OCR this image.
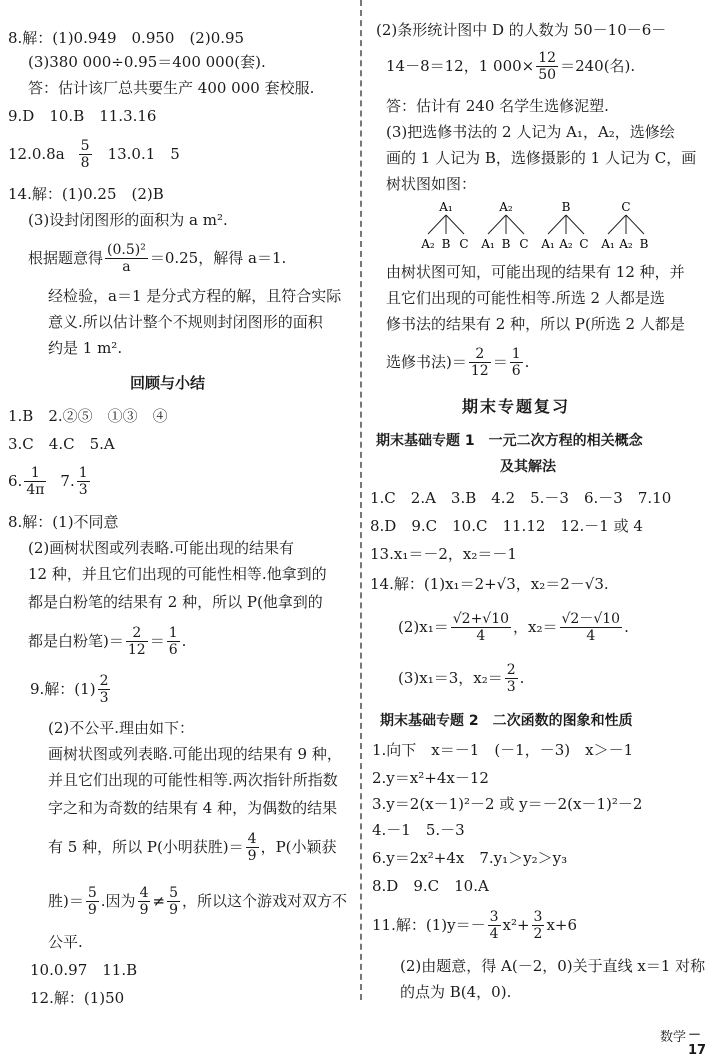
8.解：(1)0.949　0.950　(2)0.95
(3)380 000÷0.95＝400 000(套).
答：估计该厂总共要生产 400 000 套校服.
9.D　10.B　11.3.16
$12.0.8a \frac{5}{8} 13.0.1$　5
14.解：(1)0.25　(2)B
(3)设封闭图形的面积为 a m².
根据题意得 $\frac{\text{(0.5)²}}{a} =0.25$，解得 a＝1.
经检验，a＝1 是分式方程的解，且符合实际
意义.所以估计整个不规则封闭图形的面积
约是 1 m².
回顾与小结
1.B　2.②⑤　①③　④
3.C　4.C　5.A
6. $\frac{1}{4\pi} 7$. $\frac{1}{3}$
8.解：(1)不同意
(2)画树状图或列表略.可能出现的结果有
12 种，并且它们出现的可能性相等.他拿到的
都是白粉笔的结果有 2 种，所以 P(他拿到的
都是白粉笔)＝ $\frac{2}{12} = \frac{1}{6}$ .
9.解：$(1) \frac{2}{3}$
(2)不公平.理由如下：
画树状图或列表略.可能出现的结果有 9 种，
并且它们出现的可能性相等.两次指针所指数
字之和为奇数的结果有 4 种，为偶数的结果
有 5 种，所以 P(小明获胜)＝ $\frac{4}{9}$ ，P(小颖获
胜)＝ $\frac{5}{9}$ .因为 $\frac{4}{9} \ne \frac{5}{9}$ ，所以这个游戏对双方不
公平.
10.0.97　11.B
12.解：(1)50
(2)条形统计图中 D 的人数为 50－10－6－
14－8＝12，1 $000\times \frac{12}{50} =240$(名).
答：估计有 240 名学生选修泥塑.
(3)把选修书法的 2 人记为 A₁，A₂，选修绘
画的 1 人记为 B，选修摄影的 1 人记为 C，画
树状图如图：
A₁
A₂ B C
A₂
A₁ B C
B
A₁ A₂ C
C
A₁ A₂ B
由树状图可知，可能出现的结果有 12 种，并
且它们出现的可能性相等.所选 2 人都是选
修书法的结果有 2 种，所以 P(所选 2 人都是
选修书法)＝ $\frac{2}{12} = \frac{1}{6}$ .
期末专题复习
期末基础专题 1　一元二次方程的相关概念
及其解法
1.C　2.A　3.B　4.2　5.－3　6.－3　7.10
8.D　9.C　10.C　11.12　12.－1 或 4
13.x₁＝－2，x₂＝－1
14.解：(1)x₁＝2+√3，x₂＝2－√3.
$(2)x_1= \frac{√2+√10}{4}$ ，$x_2= \frac{√2-√10}{4}$ .
(3)x₁＝3，$x_2= \frac{2}{3}$ .
期末基础专题 2　二次函数的图象和性质
1.向下　x＝－1　(－1，－3)　x＞－1
2.y＝x²+4x－12
3.y＝2(x－1)²－2 或 y＝－2(x－1)²－2
4.－1　5.－3
6.y＝2x²+4x　7.y₁＞y₂＞y₃
8.D　9.C　10.A
11.解：$(1)y=- \frac{3}{4} x^2+ \frac{3}{2} x+6$
(2)由题意，得 A(－2，0)关于直线 x＝1 对称
的点为 B(4，0).
数学 － 17
